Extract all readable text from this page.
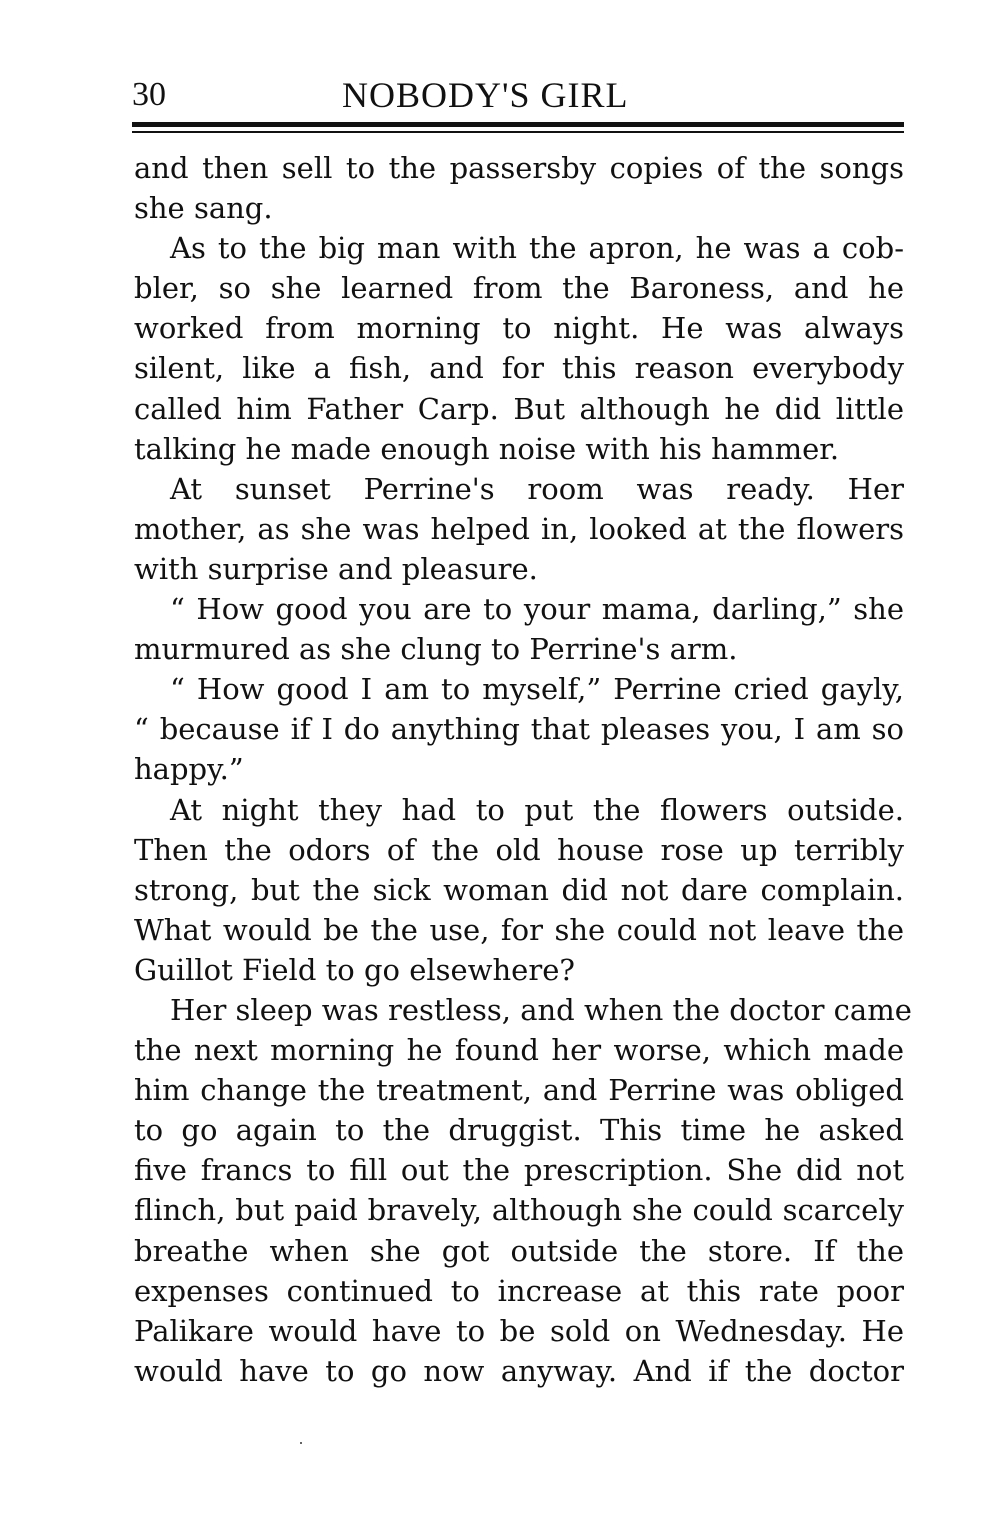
30	NOBODY'S GIRL
and then sell to the passersby copies of the songs
she sang.
As to the big man with the apron, he was a cob-
bler, so she learned from the Baroness, and he
worked from morning to night. He was always
silent, like a fish, and for this reason everybody
called him Father Carp. But although he did little
talking he made enough noise with his hammer.
At sunset Perrine's room was ready. Her
mother, as she was helped in, looked at the flowers
with surprise and pleasure.
“ How good you are to your mama, darling,” she
murmured as she clung to Perrine's arm.
“ How good I am to myself,” Perrine cried gayly,
“ because if I do anything that pleases you, I am so
happy.”
At night they had to put the flowers outside.
Then the odors of the old house rose up terribly
strong, but the sick woman did not dare complain.
What would be the use, for she could not leave the
Guillot Field to go elsewhere?
Her sleep was restless, and when the doctor came
the next morning he found her worse, which made
him change the treatment, and Perrine was obliged
to go again to the druggist. This time he asked
five francs to fill out the prescription. She did not
flinch, but paid bravely, although she could scarcely
breathe when she got outside the store. If the
expenses continued to increase at this rate poor
Palikare would have to be sold on Wednesday. He
would have to go now anyway. And if the doctor
